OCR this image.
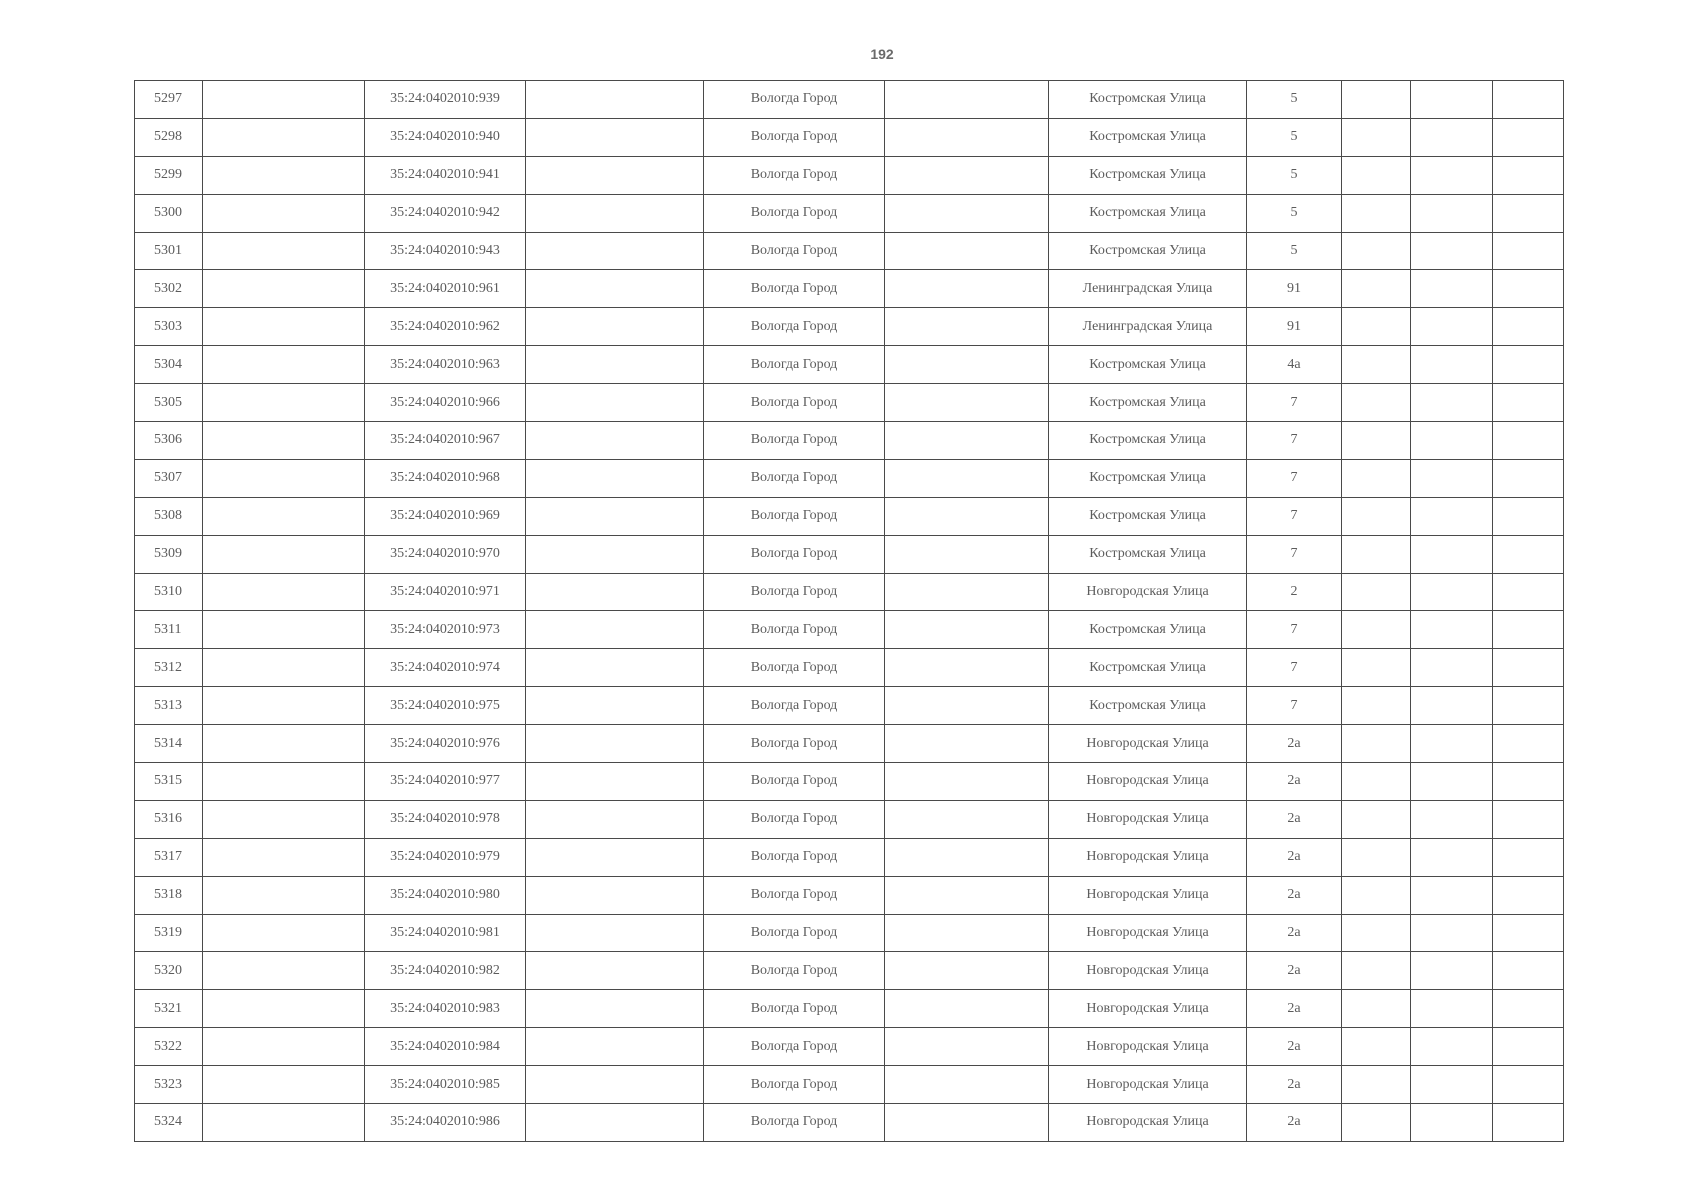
192
5297		35:24:0402010:939		Вологда Город		Костромская Улица	5			
5298		35:24:0402010:940		Вологда Город		Костромская Улица	5			
5299		35:24:0402010:941		Вологда Город		Костромская Улица	5			
5300		35:24:0402010:942		Вологда Город		Костромская Улица	5			
5301		35:24:0402010:943		Вологда Город		Костромская Улица	5			
5302		35:24:0402010:961		Вологда Город		Ленинградская Улица	91			
5303		35:24:0402010:962		Вологда Город		Ленинградская Улица	91			
5304		35:24:0402010:963		Вологда Город		Костромская Улица	4а			
5305		35:24:0402010:966		Вологда Город		Костромская Улица	7			
5306		35:24:0402010:967		Вологда Город		Костромская Улица	7			
5307		35:24:0402010:968		Вологда Город		Костромская Улица	7			
5308		35:24:0402010:969		Вологда Город		Костромская Улица	7			
5309		35:24:0402010:970		Вологда Город		Костромская Улица	7			
5310		35:24:0402010:971		Вологда Город		Новгородская Улица	2			
5311		35:24:0402010:973		Вологда Город		Костромская Улица	7			
5312		35:24:0402010:974		Вологда Город		Костромская Улица	7			
5313		35:24:0402010:975		Вологда Город		Костромская Улица	7			
5314		35:24:0402010:976		Вологда Город		Новгородская Улица	2а			
5315		35:24:0402010:977		Вологда Город		Новгородская Улица	2а			
5316		35:24:0402010:978		Вологда Город		Новгородская Улица	2а			
5317		35:24:0402010:979		Вологда Город		Новгородская Улица	2а			
5318		35:24:0402010:980		Вологда Город		Новгородская Улица	2а			
5319		35:24:0402010:981		Вологда Город		Новгородская Улица	2а			
5320		35:24:0402010:982		Вологда Город		Новгородская Улица	2а			
5321		35:24:0402010:983		Вологда Город		Новгородская Улица	2а			
5322		35:24:0402010:984		Вологда Город		Новгородская Улица	2а			
5323		35:24:0402010:985		Вологда Город		Новгородская Улица	2а			
5324		35:24:0402010:986		Вологда Город		Новгородская Улица	2а			
